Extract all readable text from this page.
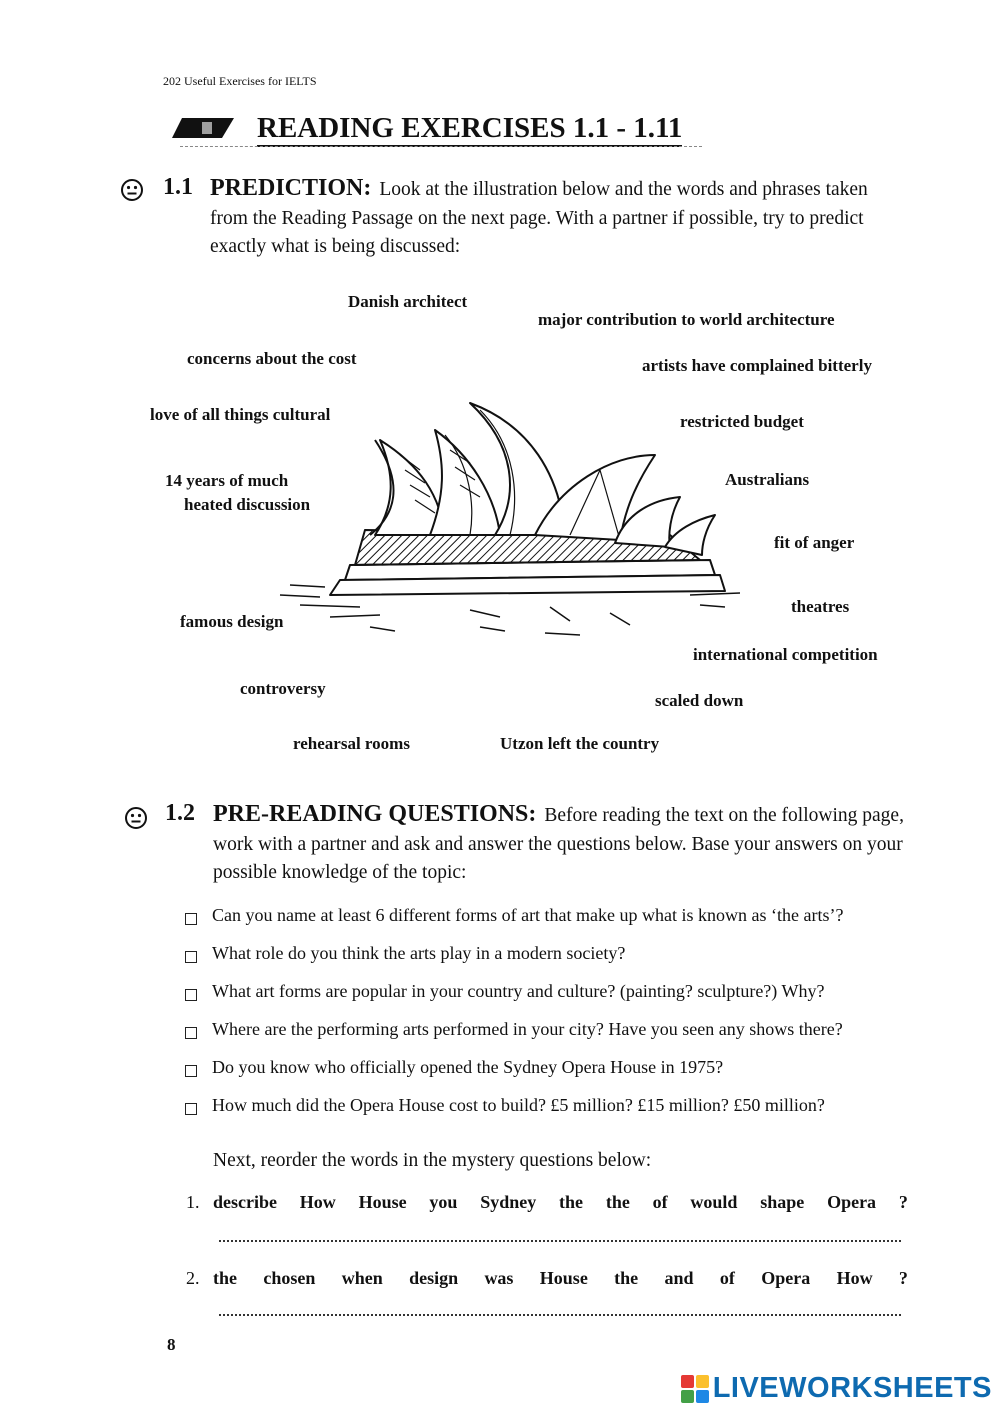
202 Useful Exercises for IELTS
READING EXERCISES 1.1 - 1.11
1.1 PREDICTION: Look at the illustration below and the words and phrases taken from the Reading Passage on the next page. With a partner if possible, try to predict exactly what is being discussed:
Danish architect
major contribution to world architecture
concerns about the cost	artists have complained bitterly
love of all things cultural	restricted budget
14 years of much
heated discussion
Australians
fit of anger
theatres
famous design
international competition
controversy
scaled down
rehearsal rooms	Utzon left the country
1.2 PRE-READING QUESTIONS: Before reading the text on the following page, work with a partner and ask and answer the questions below. Base your answers on your possible knowledge of the topic:
Can you name at least 6 different forms of art that make up what is known as ‘the arts’?
What role do you think the arts play in a modern society?
What art forms are popular in your country and culture? (painting? sculpture?) Why?
Where are the performing arts performed in your city? Have you seen any shows there?
Do you know who officially opened the Sydney Opera House in 1975?
How much did the Opera House cost to build? £5 million? £15 million? £50 million?
Next, reorder the words in the mystery questions below:
1. describe How House you Sydney the the of would shape Opera ?
2. the chosen when design was House the and of Opera How ?
8
LIVEWORKSHEETS
